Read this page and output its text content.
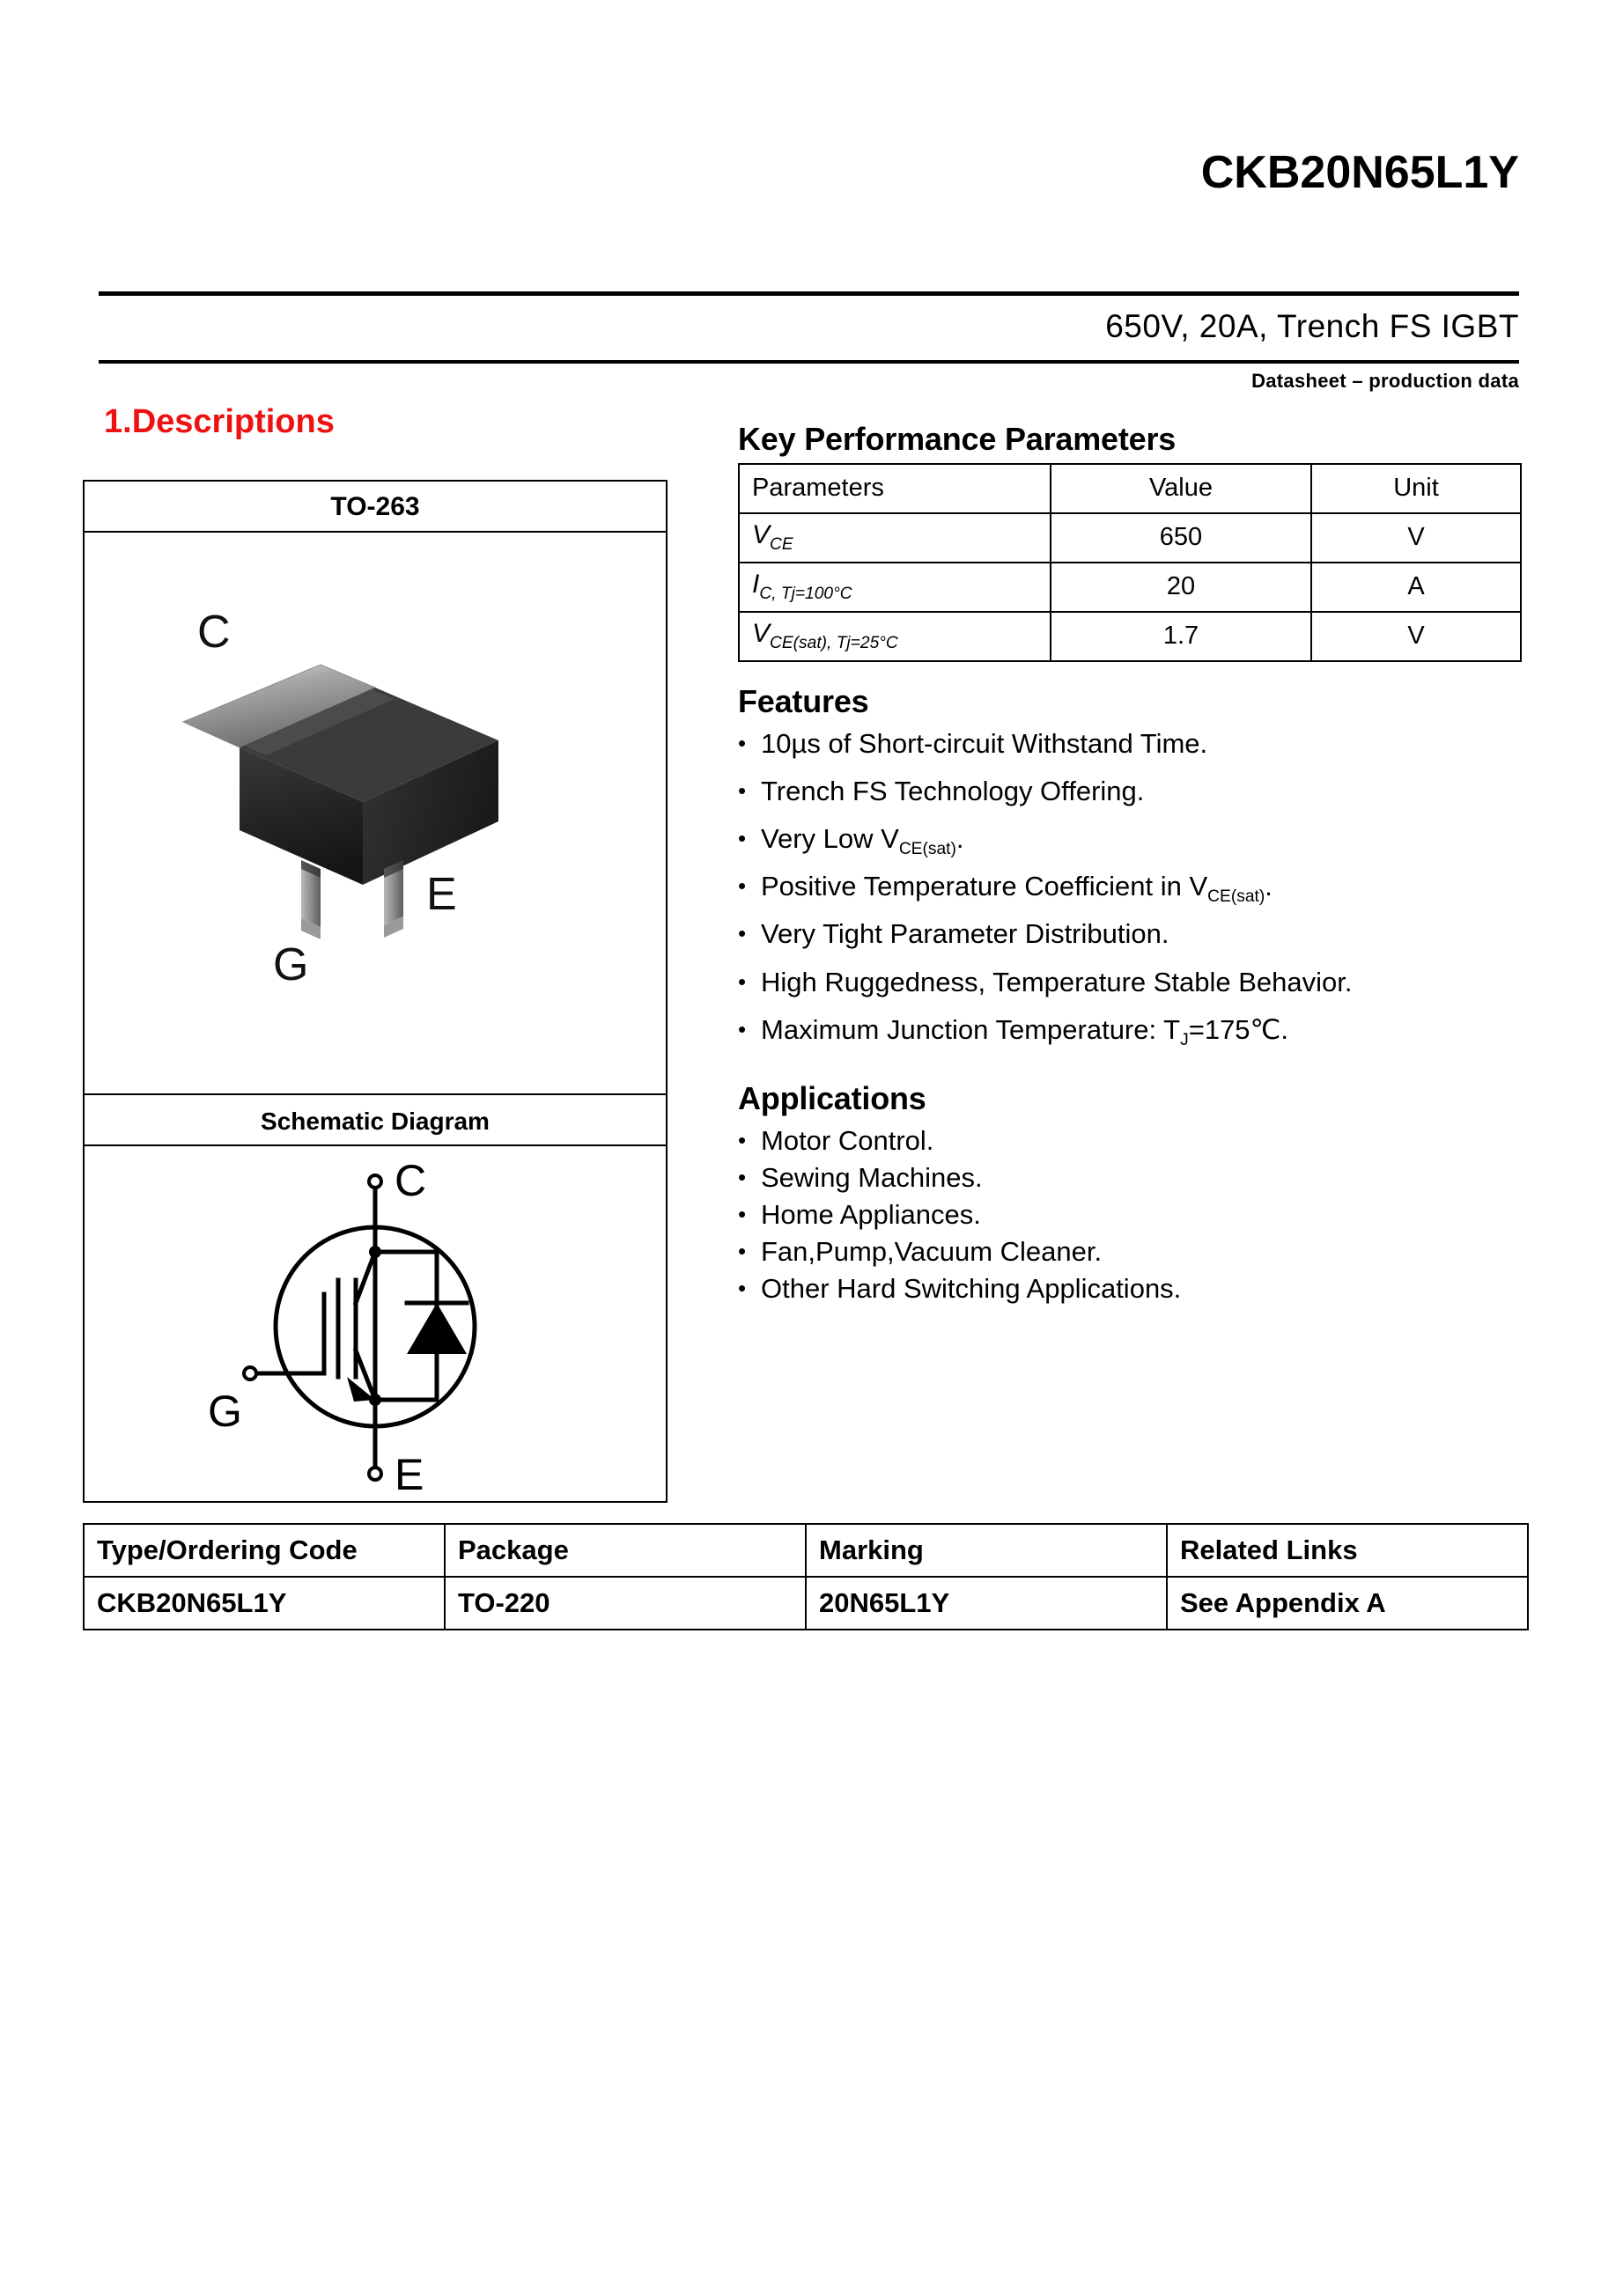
CKB20N65L1Y
650V, 20A, Trench FS IGBT
Datasheet – production data
1.Descriptions
TO-263
C
E
G
Schematic Diagram
C
E
G
Key Performance Parameters
Parameters	Value	Unit
$V_{CE}$	650	V
$I_{C, Tj=100^\circ C}$	20	A
$V_{CE(sat), Tj=25^\circ C}$	1.7	V
Features
• 10µs of Short-circuit Withstand Time.
• Trench FS Technology Offering.
• Very Low $V_{CE(sat)}$.
• Positive Temperature Coefficient in $V_{CE(sat)}$.
• Very Tight Parameter Distribution.
• High Ruggedness, Temperature Stable Behavior.
• Maximum Junction Temperature: $T_J=175℃$.
Applications
• Motor Control.
• Sewing Machines.
• Home Appliances.
• Fan,Pump,Vacuum Cleaner.
• Other Hard Switching Applications.
Type/Ordering Code	Package	Marking	Related Links
CKB20N65L1Y	TO-220	20N65L1Y	See Appendix A
